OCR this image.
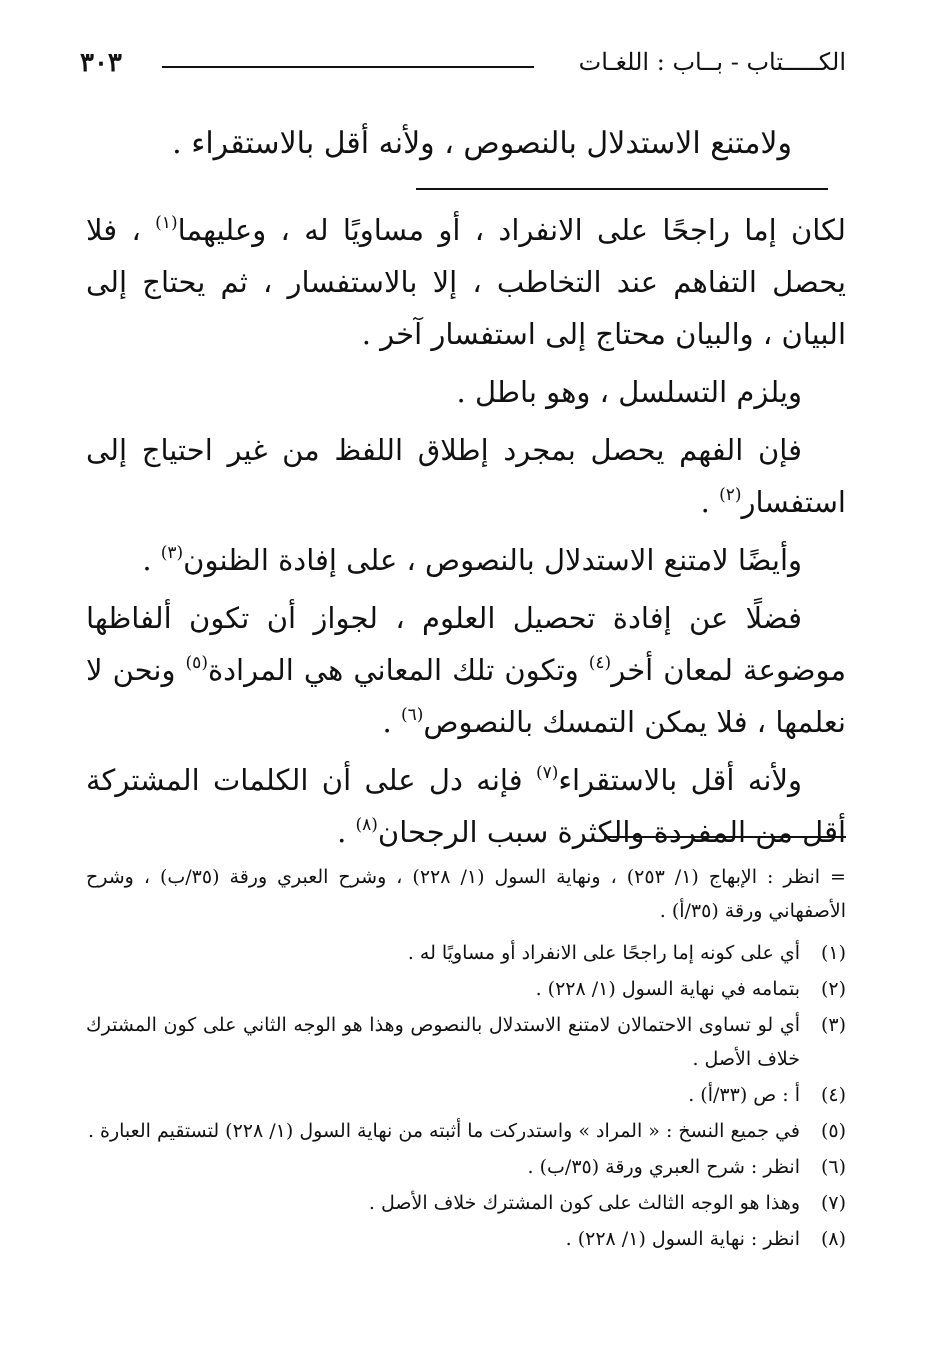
الكـــــتاب - بــاب : اللغـات
٣٠٣
ولامتنع الاستدلال بالنصوص ، ولأنه أقل بالاستقراء .

لكان إما راجحًا على الانفراد ، أو مساويًا له ، وعليهما$^{(١)}$ ، فلا يحصل التفاهم عند التخاطب ، إلا بالاستفسار ، ثم يحتاج إلى البيان ، والبيان محتاج إلى استفسار آخر .

ويلزم التسلسل ، وهو باطل .

فإن الفهم يحصل بمجرد إطلاق اللفظ من غير احتياج إلى استفسار$^{(٢)}$ .

وأيضًا لامتنع الاستدلال بالنصوص ، على إفادة الظنون$^{(٣)}$ .

فضلًا عن إفادة تحصيل العلوم ، لجواز أن تكون ألفاظها موضوعة لمعان أخر$^{(٤)}$ وتكون تلك المعاني هي المرادة$^{(٥)}$ ونحن لا نعلمها ، فلا يمكن التمسك بالنصوص$^{(٦)}$ .

ولأنه أقل بالاستقراء$^{(٧)}$ فإنه دل على أن الكلمات المشتركة أقل من المفردة والكثرة سبب الرجحان$^{(٨)}$ .

= انظر : الإبهاج (١/ ٢٥٣) ، ونهاية السول (١/ ٢٢٨) ، وشرح العبري ورقة (٣٥/ب) ، وشرح الأصفهاني ورقة (٣٥/أ) .
(١)
أي على كونه إما راجحًا على الانفراد أو مساويًا له .
(٢)
بتمامه في نهاية السول (١/ ٢٢٨) .
(٣)
أي لو تساوى الاحتمالان لامتنع الاستدلال بالنصوص وهذا هو الوجه الثاني على كون المشترك خلاف الأصل .
(٤)
أ : ص (٣٣/أ) .
(٥)
في جميع النسخ : « المراد » واستدركت ما أثبته من نهاية السول (١/ ٢٢٨) لتستقيم العبارة .
(٦)
انظر : شرح العبري ورقة (٣٥/ب) .
(٧)
وهذا هو الوجه الثالث على كون المشترك خلاف الأصل .
(٨)
انظر : نهاية السول (١/ ٢٢٨) .
